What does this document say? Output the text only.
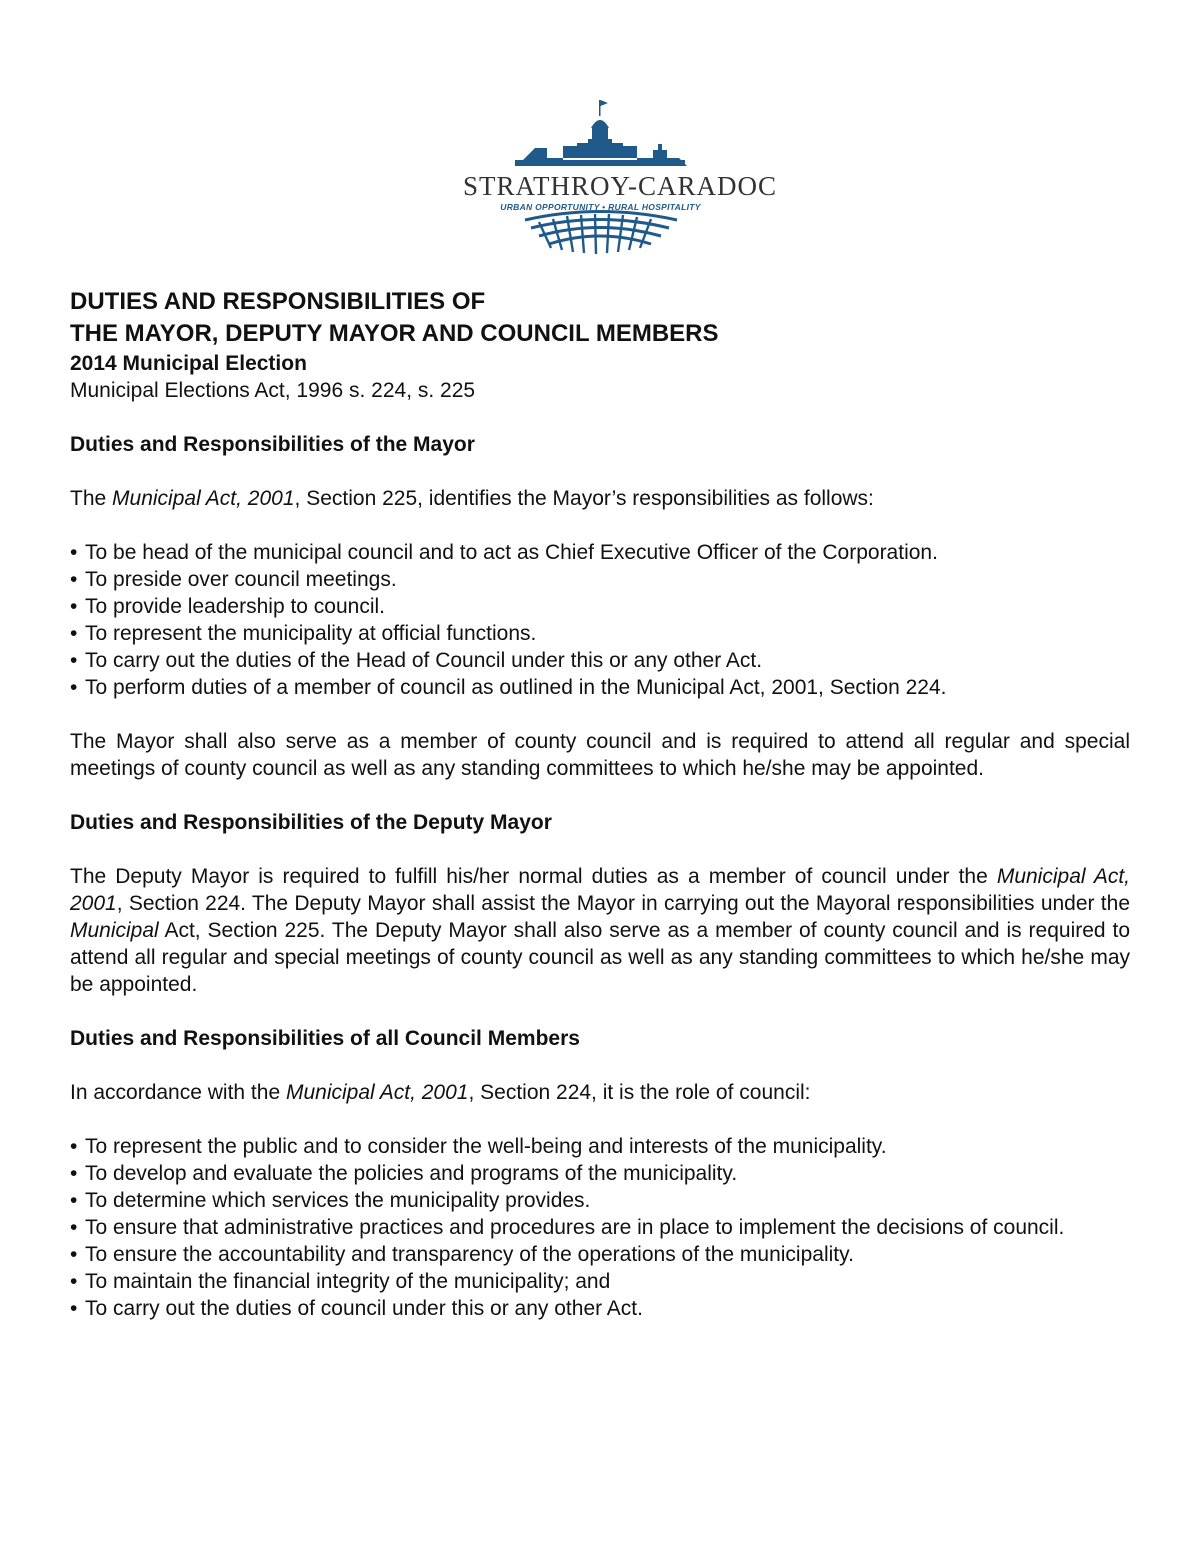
STRATHROY-CARADOC
URBAN OPPORTUNITY • RURAL HOSPITALITY
DUTIES AND RESPONSIBILITIES OF
THE MAYOR, DEPUTY MAYOR AND COUNCIL MEMBERS
2014 Municipal Election
Municipal Elections Act, 1996 s. 224, s. 225
Duties and Responsibilities of the Mayor

The Municipal Act, 2001, Section 225, identifies the Mayor’s responsibilities as follows:

• To be head of the municipal council and to act as Chief Executive Officer of the Corporation.
• To preside over council meetings.
• To provide leadership to council.
• To represent the municipality at official functions.
• To carry out the duties of the Head of Council under this or any other Act.
• To perform duties of a member of council as outlined in the Municipal Act, 2001, Section 224.

The Mayor shall also serve as a member of county council and is required to attend all regular and special meetings of county council as well as any standing committees to which he/she may be appointed.

Duties and Responsibilities of the Deputy Mayor

The Deputy Mayor is required to fulfill his/her normal duties as a member of council under the Municipal Act, 2001, Section 224. The Deputy Mayor shall assist the Mayor in carrying out the Mayoral responsibilities under the Municipal Act, Section 225. The Deputy Mayor shall also serve as a member of county council and is required to attend all regular and special meetings of county council as well as any standing committees to which he/she may be appointed.

Duties and Responsibilities of all Council Members

In accordance with the Municipal Act, 2001, Section 224, it is the role of council:

• To represent the public and to consider the well-being and interests of the municipality.
• To develop and evaluate the policies and programs of the municipality.
• To determine which services the municipality provides.
• To ensure that administrative practices and procedures are in place to implement the decisions of council.
• To ensure the accountability and transparency of the operations of the municipality.
• To maintain the financial integrity of the municipality; and
• To carry out the duties of council under this or any other Act.
